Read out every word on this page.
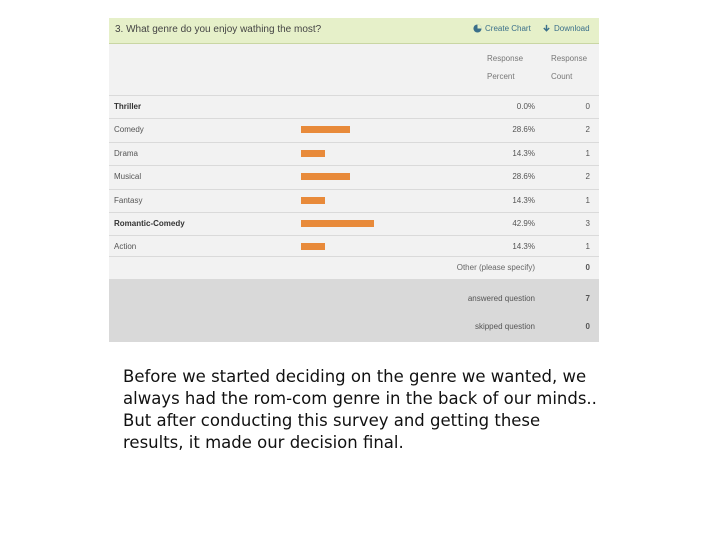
3. What genre do you enjoy wathing the most?	Create Chart	Download
Response
Percent
Response
Count
Thriller	0.0%	0
Comedy	28.6%	2
Drama	14.3%	1
Musical	28.6%	2
Fantasy	14.3%	1
Romantic-Comedy	42.9%	3
Action	14.3%	1
Other (please specify)	0
answered question	7
skipped question	0
Before we started deciding on the genre we wanted, we always had the rom-com genre in the back of our minds.. But after conducting this survey and getting these results, it made our decision final.
